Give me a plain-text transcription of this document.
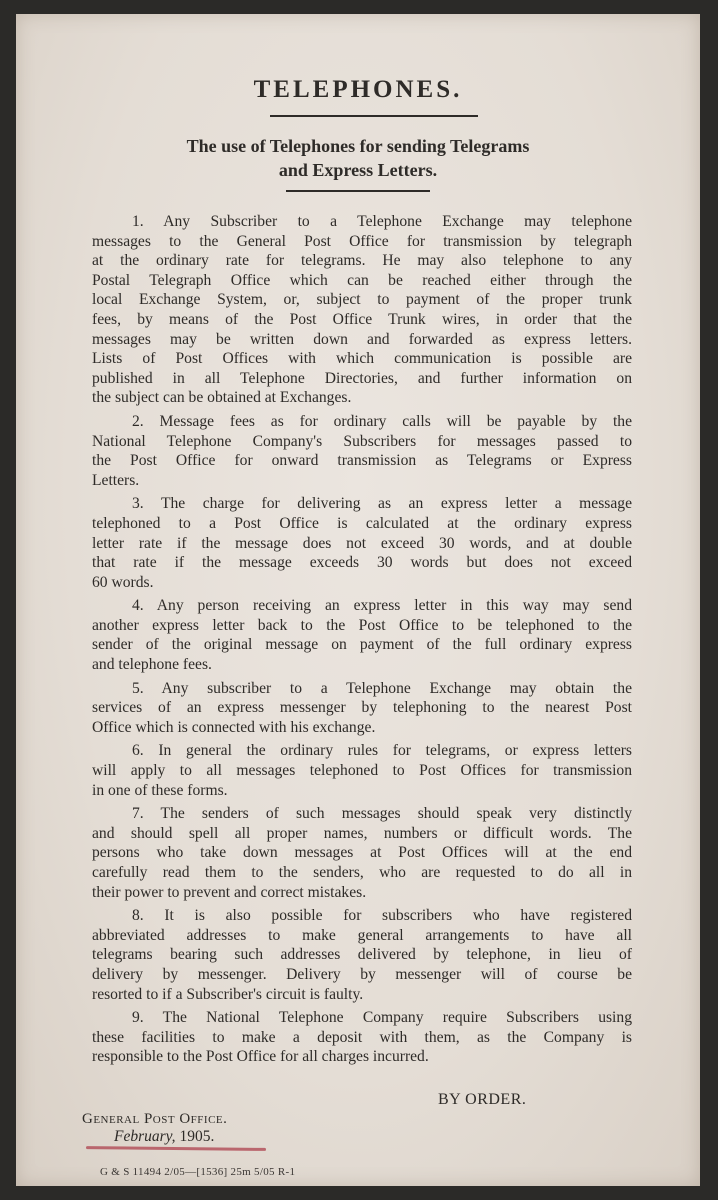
TELEPHONES.
The use of Telephones for sending Telegrams
and Express Letters.
1. Any Subscriber to a Telephone Exchange may telephone
messages to the General Post Office for transmission by telegraph
at the ordinary rate for telegrams. He may also telephone to any
Postal Telegraph Office which can be reached either through the
local Exchange System, or, subject to payment of the proper trunk
fees, by means of the Post Office Trunk wires, in order that the
messages may be written down and forwarded as express letters.
Lists of Post Offices with which communication is possible are
published in all Telephone Directories, and further information on
the subject can be obtained at Exchanges.
2. Message fees as for ordinary calls will be payable by the
National Telephone Company's Subscribers for messages passed to
the Post Office for onward transmission as Telegrams or Express
Letters.
3. The charge for delivering as an express letter a message
telephoned to a Post Office is calculated at the ordinary express
letter rate if the message does not exceed 30 words, and at double
that rate if the message exceeds 30 words but does not exceed
60 words.
4. Any person receiving an express letter in this way may send
another express letter back to the Post Office to be telephoned to the
sender of the original message on payment of the full ordinary express
and telephone fees.
5. Any subscriber to a Telephone Exchange may obtain the
services of an express messenger by telephoning to the nearest Post
Office which is connected with his exchange.
6. In general the ordinary rules for telegrams, or express letters
will apply to all messages telephoned to Post Offices for transmission
in one of these forms.
7. The senders of such messages should speak very distinctly
and should spell all proper names, numbers or difficult words. The
persons who take down messages at Post Offices will at the end
carefully read them to the senders, who are requested to do all in
their power to prevent and correct mistakes.
8. It is also possible for subscribers who have registered
abbreviated addresses to make general arrangements to have all
telegrams bearing such addresses delivered by telephone, in lieu of
delivery by messenger. Delivery by messenger will of course be
resorted to if a Subscriber's circuit is faulty.
9. The National Telephone Company require Subscribers using
these facilities to make a deposit with them, as the Company is
responsible to the Post Office for all charges incurred.
BY ORDER.
General Post Office.
February, 1905.
G & S 11494 2/05—[1536] 25m 5/05 R-1
